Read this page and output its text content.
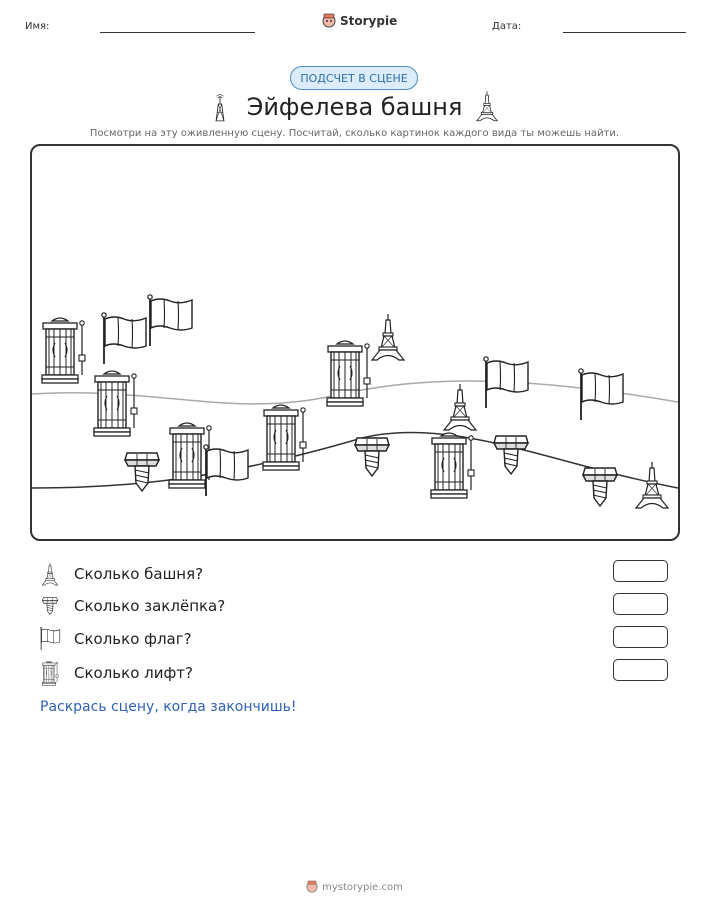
Имя:	Storypie	Дата:
ПОДСЧЕТ В СЦЕНЕ
Эйфелева башня
Посмотри на эту оживленную сцену. Посчитай, сколько картинок каждого вида ты можешь найти.
Сколько башня?
Сколько заклёпка?
Сколько флаг?
Сколько лифт?
Раскрась сцену, когда закончишь!
mystorypie.com
